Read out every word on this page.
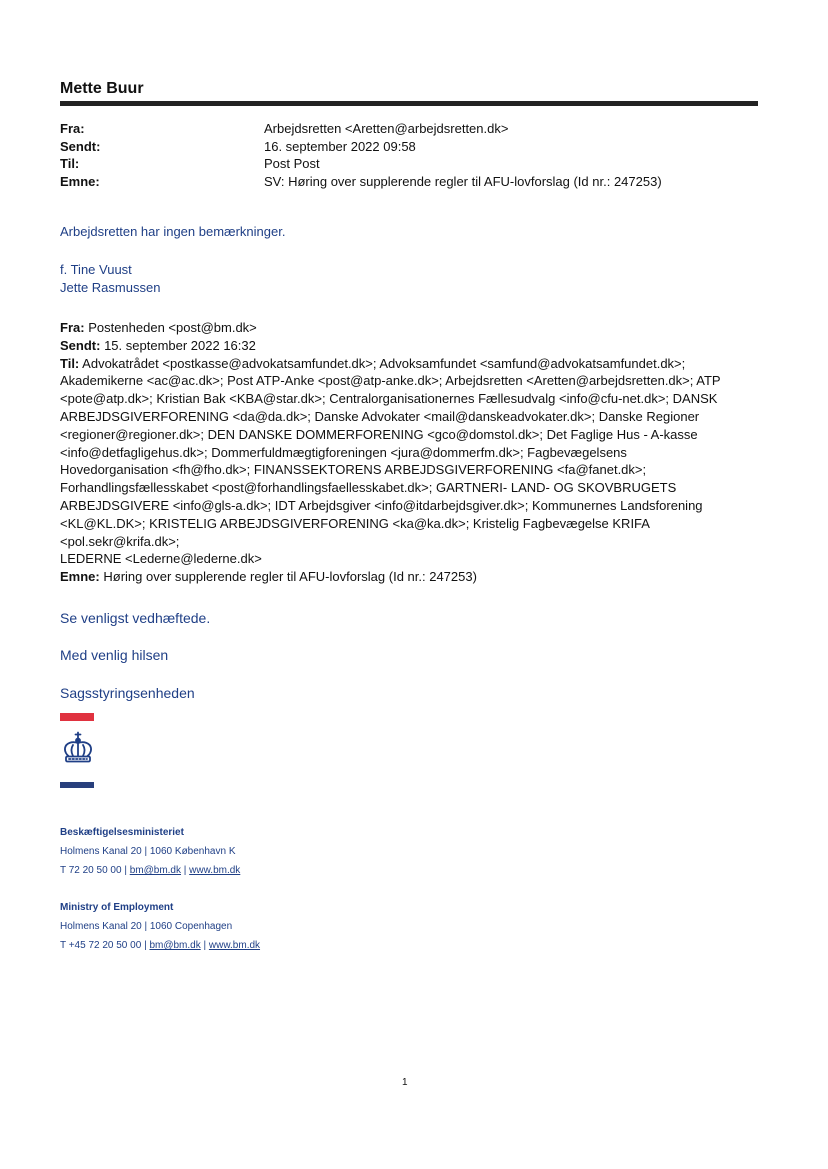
Mette Buur
Fra:	Arbejdsretten <Aretten@arbejdsretten.dk>
Sendt:	16. september 2022 09:58
Til:	Post Post
Emne:	SV: Høring over supplerende regler til AFU-lovforslag (Id nr.: 247253)
Arbejdsretten har ingen bemærkninger.
f. Tine Vuust
Jette Rasmussen
Fra: Postenheden <post@bm.dk>
Sendt: 15. september 2022 16:32
Til: Advokatrådet <postkasse@advokatsamfundet.dk>; Advoksamfundet <samfund@advokatsamfundet.dk>;
Akademikerne <ac@ac.dk>; Post ATP-Anke <post@atp-anke.dk>; Arbejdsretten <Aretten@arbejdsretten.dk>; ATP
<pote@atp.dk>; Kristian Bak <KBA@star.dk>; Centralorganisationernes Fællesudvalg <info@cfu-net.dk>; DANSK
ARBEJDSGIVERFORENING <da@da.dk>; Danske Advokater <mail@danskeadvokater.dk>; Danske Regioner
<regioner@regioner.dk>; DEN DANSKE DOMMERFORENING <gco@domstol.dk>; Det Faglige Hus - A-kasse
<info@detfagligehus.dk>; Dommerfuldmægtigforeningen <jura@dommerfm.dk>; Fagbevægelsens
Hovedorganisation <fh@fho.dk>; FINANSSEKTORENS ARBEJDSGIVERFORENING <fa@fanet.dk>;
Forhandlingsfællesskabet <post@forhandlingsfaellesskabet.dk>; GARTNERI- LAND- OG SKOVBRUGETS
ARBEJDSGIVERE <info@gls-a.dk>; IDT Arbejdsgiver <info@itdarbejdsgiver.dk>; Kommunernes Landsforening
<KL@KL.DK>; KRISTELIG ARBEJDSGIVERFORENING <ka@ka.dk>; Kristelig Fagbevægelse KRIFA <pol.sekr@krifa.dk>;
LEDERNE <Lederne@lederne.dk>
Emne: Høring over supplerende regler til AFU-lovforslag (Id nr.: 247253)
Se venligst vedhæftede.
Med venlig hilsen
Sagsstyringsenheden
Beskæftigelsesministeriet
Holmens Kanal 20 | 1060 København K
T 72 20 50 00 | bm@bm.dk | www.bm.dk
Ministry of Employment
Holmens Kanal 20 | 1060 Copenhagen
T +45 72 20 50 00 | bm@bm.dk | www.bm.dk
1
